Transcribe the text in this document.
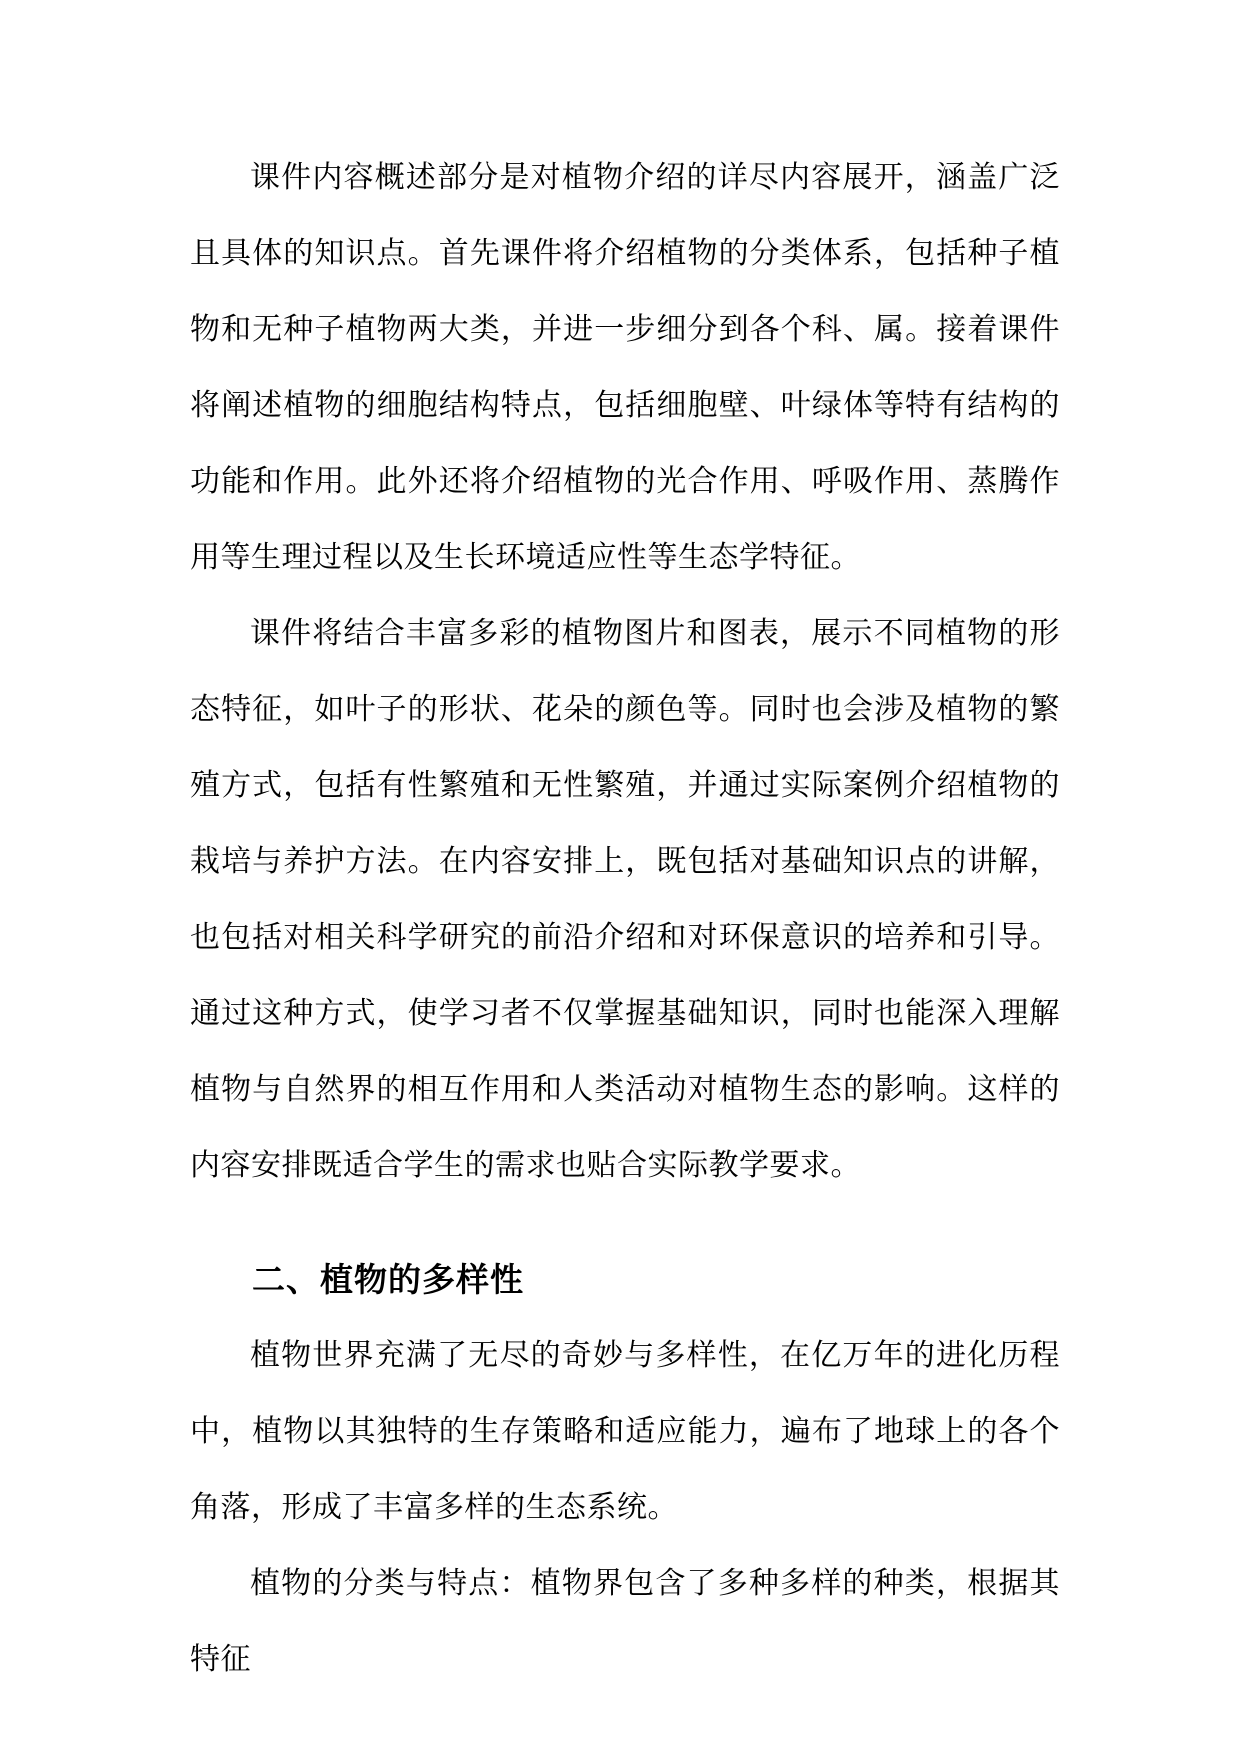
课件内容概述部分是对植物介绍的详尽内容展开，涵盖广泛且具体的知识点。首先课件将介绍植物的分类体系，包括种子植物和无种子植物两大类，并进一步细分到各个科、属。接着课件将阐述植物的细胞结构特点，包括细胞壁、叶绿体等特有结构的功能和作用。此外还将介绍植物的光合作用、呼吸作用、蒸腾作用等生理过程以及生长环境适应性等生态学特征。

课件将结合丰富多彩的植物图片和图表，展示不同植物的形态特征，如叶子的形状、花朵的颜色等。同时也会涉及植物的繁殖方式，包括有性繁殖和无性繁殖，并通过实际案例介绍植物的栽培与养护方法。在内容安排上，既包括对基础知识点的讲解，也包括对相关科学研究的前沿介绍和对环保意识的培养和引导。通过这种方式，使学习者不仅掌握基础知识，同时也能深入理解植物与自然界的相互作用和人类活动对植物生态的影响。这样的内容安排既适合学生的需求也贴合实际教学要求。

二、植物的多样性

植物世界充满了无尽的奇妙与多样性，在亿万年的进化历程中，植物以其独特的生存策略和适应能力，遍布了地球上的各个角落，形成了丰富多样的生态系统。

植物的分类与特点：植物界包含了多种多样的种类，根据其特征
